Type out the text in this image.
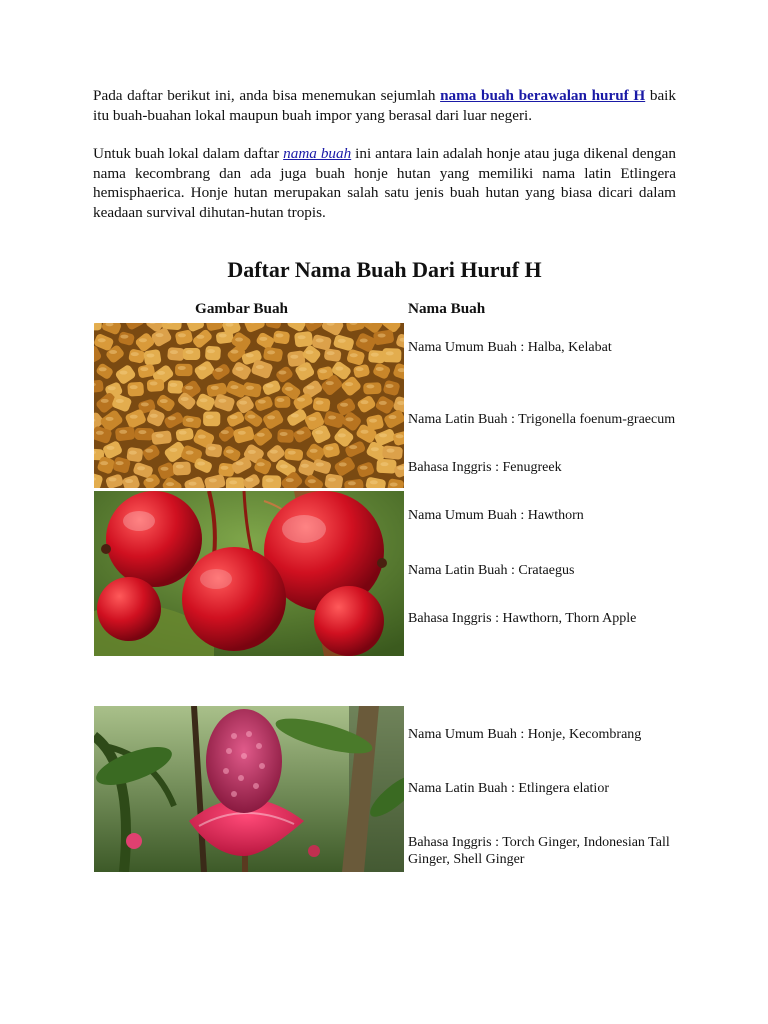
Pada daftar berikut ini, anda bisa menemukan sejumlah nama buah berawalan huruf H baik itu buah-buahan lokal maupun buah impor yang berasal dari luar negeri.

Untuk buah lokal dalam daftar nama buah ini antara lain adalah honje atau juga dikenal dengan nama kecombrang dan ada juga buah honje hutan yang memiliki nama latin Etlingera hemisphaerica. Honje hutan merupakan salah satu jenis buah hutan yang biasa dicari dalam keadaan survival dihutan-hutan tropis.

Daftar Nama Buah Dari Huruf H
Gambar Buah	Nama Buah
Nama Umum Buah : Halba, Kelabat
Nama Latin Buah : Trigonella foenum-graecum
Bahasa Inggris : Fenugreek
Nama Umum Buah : Hawthorn
Nama Latin Buah : Crataegus
Bahasa Inggris : Hawthorn, Thorn Apple
Nama Umum Buah : Honje, Kecombrang
Nama Latin Buah : Etlingera elatior
Bahasa Inggris : Torch Ginger, Indonesian Tall Ginger, Shell Ginger
